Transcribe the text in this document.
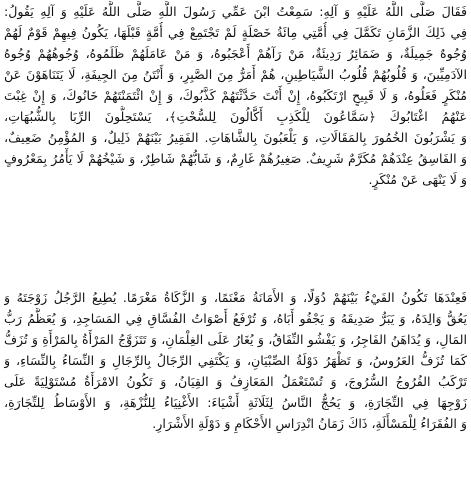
فَقَالَ صَلَّى اللَّهُ عَلَيْهِ وَ آلِهِ: سَمِعْتُ ابْنَ عَمِّي رَسُولَ اللَّهِ صَلَّى اللَّهُ عَلَيْهِ وَ آلِهِ يَقُولُ:
فِي ذَلِكَ الزَّمَانِ تَكَمَّلَ فِي أُمَّتِي مِائَةُ خَصْلَةٍ لَمْ تَجْتَمِعْ فِي أُمَّةٍ قَبْلَهَا، يَكُونُ فِيهِمْ قَوْمٌ لَهُمْ
وُجُوهٌ جَمِيلَةٌ، وَ ضَمَائِرُ رَدِيئَةٌ، مَنْ رَآهُمْ أَعْجَبُوهُ، وَ مَنْ عَامَلَهُمْ ظَلَمُوهُ، وُجُوهُهُمْ وُجُوهُ
الآدَمِيِّينَ، وَ قُلُوبُهُمْ قُلُوبُ الشَّيَاطِينِ، هُمْ أَمَرُّ مِنَ الصَّبِرِ، وَ أَنْتَنُ مِنَ الجِيفَةِ، لَا يَتَنَاهَوْنَ عَنْ
مُنْكَرٍ فَعَلُوهُ، وَ لَا قَبِيحٍ ارْتَكَبُوهُ، إِنْ أَنْتَ حَدَّثْتَهُمْ كَذَّبُوكَ، وَ إِنْ ائْتَمَنْتَهُمْ خَانُوكَ، وَ إِنْ غِبْتَ
عَنْهُمُ اغْتَابُوكَ ﴿سَمَّاعُونَ لِلْكَذِبِ أَكَّالُونَ لِلسُّحْتِ﴾، يَسْتَحِلُّونَ الرِّبَا بِالشُّبُهَاتِ،
وَ يَشْرَبُونَ الخُمُورَ بِالمَقَالَاتِ، وَ يَلْعَبُونَ بِالشَّاهَاتِ. الفَقِيرُ بَيْنَهُمْ ذَلِيلٌ، وَ المُؤْمِنُ ضَعِيفٌ،
وَ الفَاسِقُ عِنْدَهُمْ مُكَرَّمٌ شَرِيفٌ. صَغِيرُهُمْ غَارِمٌ، وَ شَابُّهُمْ شَاطِرٌ، وَ شَيْخُهُمْ لَا يَأْمُرُ بِمَعْرُوفٍ
وَ لَا يَنْهَى عَنْ مُنْكَرٍ.
فَعِنْدَهَا تَكُونُ الفَيْءُ بَيْنَهُمْ دُوَلًا، وَ الأَمَانَةُ مَغْنَمًا، وَ الزَّكَاةُ مَغْرَمًا. يُطِيعُ الرَّجُلُ زَوْجَتَهُ وَ
يَعُقُّ وَالِدَهُ، وَ يَبَرُّ صَدِيقَهُ وَ يَجْفُو أَبَاهُ، وَ تُرْفَعُ أَصْوَاتُ الفُسَّاقِ فِي المَسَاجِدِ، وَ يُعَظَّمُ رَبُّ
المَالِ، وَ يُدَاهَنُ الفَاجِرُ، وَ يَفْشُو النِّفَاقُ، وَ يُغَارُ عَلَى الغِلْمَانِ، وَ تَتَزَوَّجُ المَرْأَةُ بِالمَرْأَةِ وَ تُزَفُّ
كَمَا تُزَفُّ العَرُوسُ، وَ تَظْهَرُ دَوْلَةُ الصِّبْيَانِ، وَ يَكْتَفِي الرِّجَالُ بِالرِّجَالِ وَ النِّسَاءُ بِالنِّسَاءِ، وَ
تَرْكَبُ الفُرُوجُ السُّرُوجَ، وَ تُسْتَعْمَلُ المَعَازِفُ وَ القِيَانُ، وَ تَكُونُ الامْرَأَةُ مُسْتَوْلِيَةً عَلَى
زَوْجِهَا فِي التِّجَارَةِ، وَ يَحُجُّ النَّاسُ لِثَلَاثَةِ أَشْيَاءَ: الأَغْنِيَاءُ لِلنُّزْهَةِ، وَ الأَوْسَاطُ لِلتِّجَارَةِ،
وَ الفُقَرَاءُ لِلْمَسْأَلَةِ، ذَاكَ زَمَانُ انْدِرَاسِ الأَحْكَامِ وَ دَوْلَةِ الأَشْرَارِ.
